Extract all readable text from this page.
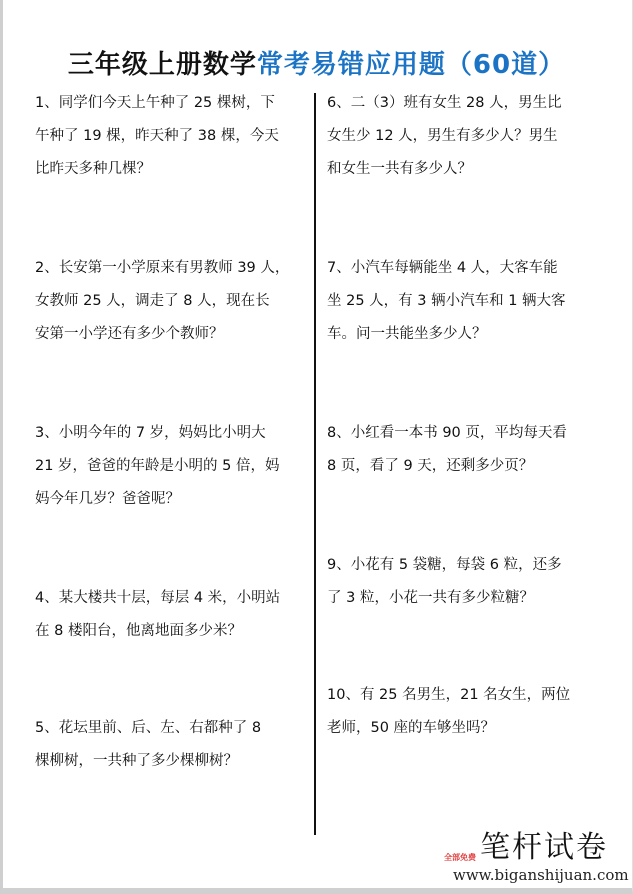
三年级上册数学常考易错应用题（60道）
1、同学们今天上午种了 25 棵树，下
午种了 19 棵，昨天种了 38 棵，今天
比昨天多种几棵？
2、长安第一小学原来有男教师 39 人，
女教师 25 人，调走了 8 人，现在长
安第一小学还有多少个教师？
3、小明今年的 7 岁，妈妈比小明大
21 岁，爸爸的年龄是小明的 5 倍，妈
妈今年几岁？爸爸呢？
4、某大楼共十层，每层 4 米，小明站
在 8 楼阳台，他离地面多少米？
5、花坛里前、后、左、右都种了 8
棵柳树，一共种了多少棵柳树？
6、二（3）班有女生 28 人，男生比
女生少 12 人，男生有多少人？男生
和女生一共有多少人？
7、小汽车每辆能坐 4 人，大客车能
坐 25 人，有 3 辆小汽车和 1 辆大客
车。问一共能坐多少人？
8、小红看一本书 90 页，平均每天看
8 页，看了 9 天，还剩多少页？
9、小花有 5 袋糖，每袋 6 粒，还多
了 3 粒，小花一共有多少粒糖？
10、有 25 名男生，21 名女生，两位
老师，50 座的车够坐吗？
全部免费 笔杆试卷
www.biganshijuan.com
